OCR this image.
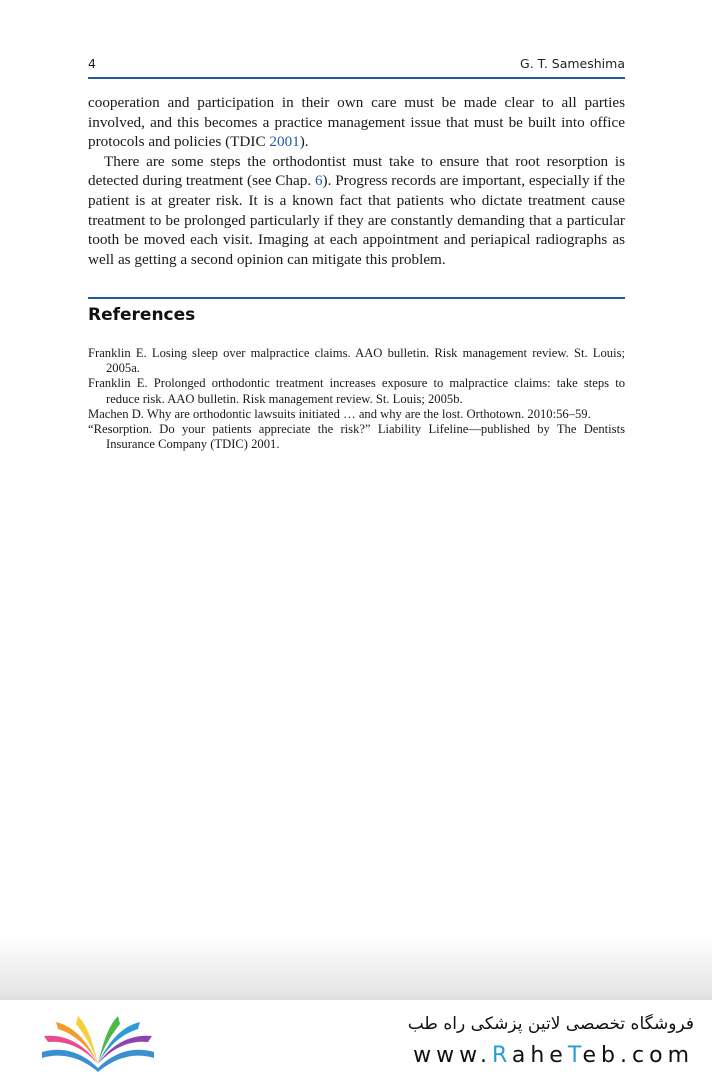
4	G. T. Sameshima

cooperation and participation in their own care must be made clear to all parties involved, and this becomes a practice management issue that must be built into office protocols and policies (TDIC 2001).

There are some steps the orthodontist must take to ensure that root resorption is detected during treatment (see Chap. 6). Progress records are important, especially if the patient is at greater risk. It is a known fact that patients who dictate treatment cause treatment to be prolonged particularly if they are constantly demanding that a particular tooth be moved each visit. Imaging at each appointment and periapical radiographs as well as getting a second opinion can mitigate this problem.

References

Franklin E. Losing sleep over malpractice claims. AAO bulletin. Risk management review. St. Louis; 2005a.

Franklin E. Prolonged orthodontic treatment increases exposure to malpractice claims: take steps to reduce risk. AAO bulletin. Risk management review. St. Louis; 2005b.

Machen D. Why are orthodontic lawsuits initiated … and why are the lost. Orthotown. 2010:56–59.

“Resorption. Do your patients appreciate the risk?” Liability Lifeline—published by The Dentists Insurance Company (TDIC) 2001.

فروشگاه تخصصی لاتین پزشکی راه طب
www.RaheTeb.com
